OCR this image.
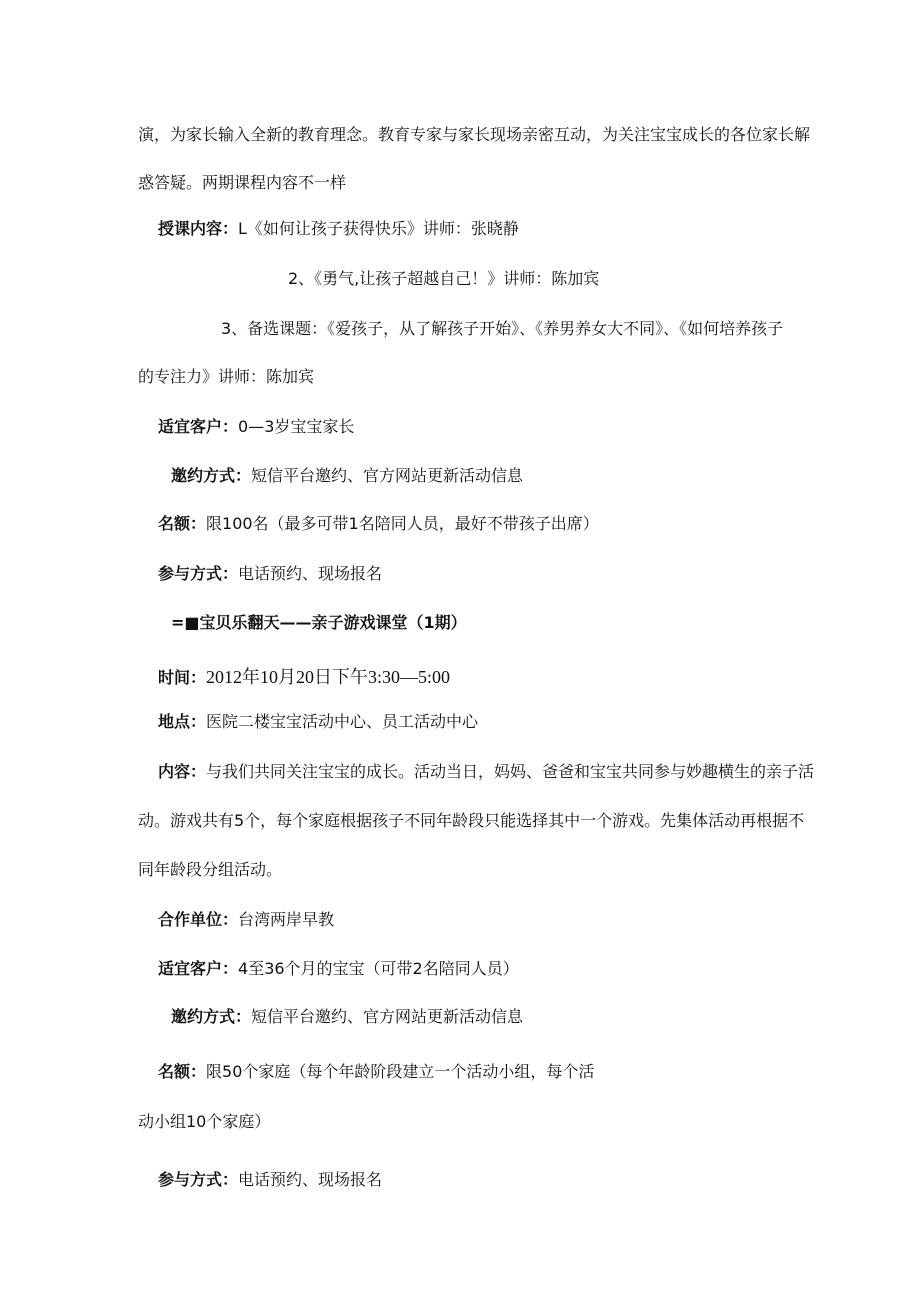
演，为家长输入全新的教育理念。教育专家与家长现场亲密互动，为关注宝宝成长的各位家长解
惑答疑。两期课程内容不一样
授课内容：L《如何让孩子获得快乐》讲师：张晓静
2、《勇气,让孩子超越自己！》讲师：陈加宾
3、备选课题：《爱孩子，从了解孩子开始》、《养男养女大不同》、《如何培养孩子
的专注力》讲师：陈加宾
适宜客户：0—3岁宝宝家长
邀约方式：短信平台邀约、官方网站更新活动信息
名额：限100名（最多可带1名陪同人员，最好不带孩子出席）
参与方式：电话预约、现场报名
=■宝贝乐翻天——亲子游戏课堂（1期）
时间：2012年10月20日下午3:30—5:00
地点：医院二楼宝宝活动中心、员工活动中心
内容：与我们共同关注宝宝的成长。活动当日，妈妈、爸爸和宝宝共同参与妙趣横生的亲子活
动。游戏共有5个，每个家庭根据孩子不同年龄段只能选择其中一个游戏。先集体活动再根据不
同年龄段分组活动。
合作单位：台湾两岸早教
适宜客户：4至36个月的宝宝（可带2名陪同人员）
邀约方式：短信平台邀约、官方网站更新活动信息
名额：限50个家庭（每个年龄阶段建立一个活动小组，每个活
动小组10个家庭）
参与方式：电话预约、现场报名
